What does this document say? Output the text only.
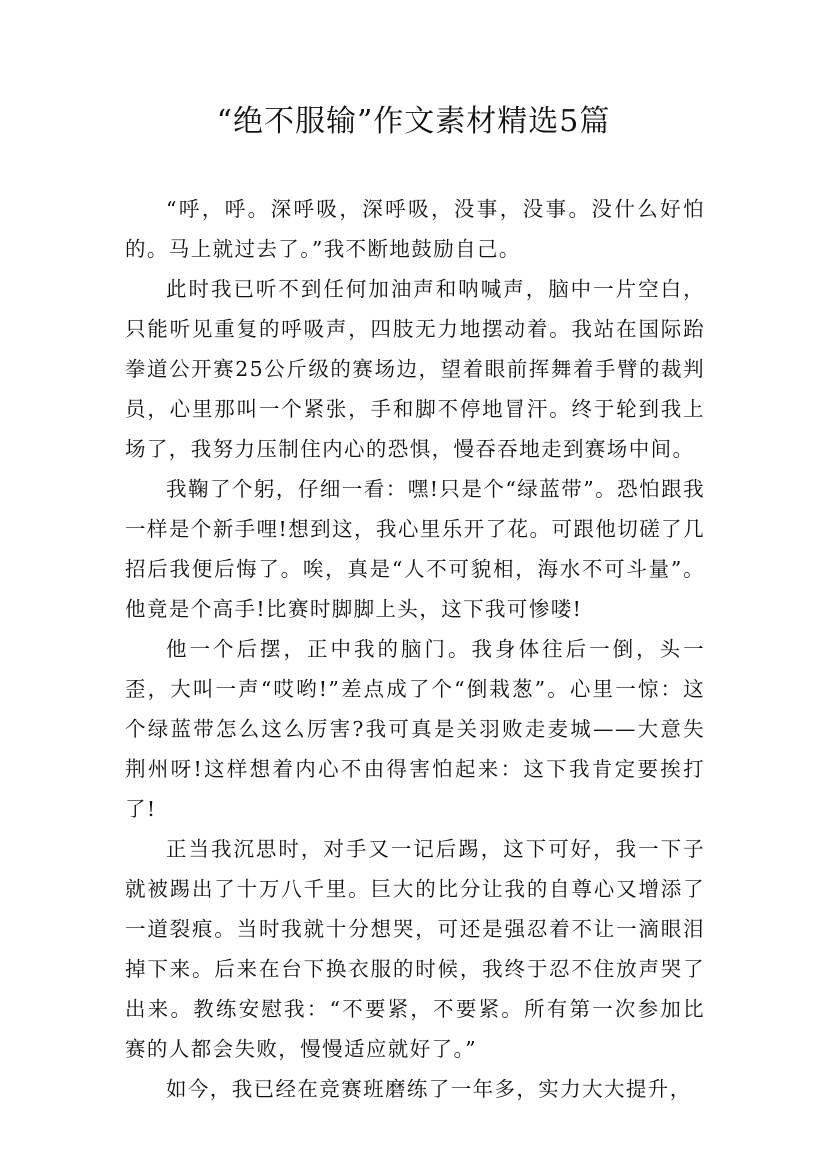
“绝不服输”作文素材精选5篇

“呼，呼。深呼吸，深呼吸，没事，没事。没什么好怕的。马上就过去了。”我不断地鼓励自己。

此时我已听不到任何加油声和呐喊声，脑中一片空白，只能听见重复的呼吸声，四肢无力地摆动着。我站在国际跆拳道公开赛25公斤级的赛场边，望着眼前挥舞着手臂的裁判员，心里那叫一个紧张，手和脚不停地冒汗。终于轮到我上场了，我努力压制住内心的恐惧，慢吞吞地走到赛场中间。

我鞠了个躬，仔细一看：嘿!只是个“绿蓝带”。恐怕跟我一样是个新手哩!想到这，我心里乐开了花。可跟他切磋了几招后我便后悔了。唉，真是“人不可貌相，海水不可斗量”。他竟是个高手!比赛时脚脚上头，这下我可惨喽!

他一个后摆，正中我的脑门。我身体往后一倒，头一歪，大叫一声“哎哟!”差点成了个“倒栽葱”。心里一惊：这个绿蓝带怎么这么厉害?我可真是关羽败走麦城——大意失荆州呀!这样想着内心不由得害怕起来：这下我肯定要挨打了!

正当我沉思时，对手又一记后踢，这下可好，我一下子就被踢出了十万八千里。巨大的比分让我的自尊心又增添了一道裂痕。当时我就十分想哭，可还是强忍着不让一滴眼泪掉下来。后来在台下换衣服的时候，我终于忍不住放声哭了出来。教练安慰我：“不要紧，不要紧。所有第一次参加比赛的人都会失败，慢慢适应就好了。”

如今，我已经在竞赛班磨练了一年多，实力大大提升，
